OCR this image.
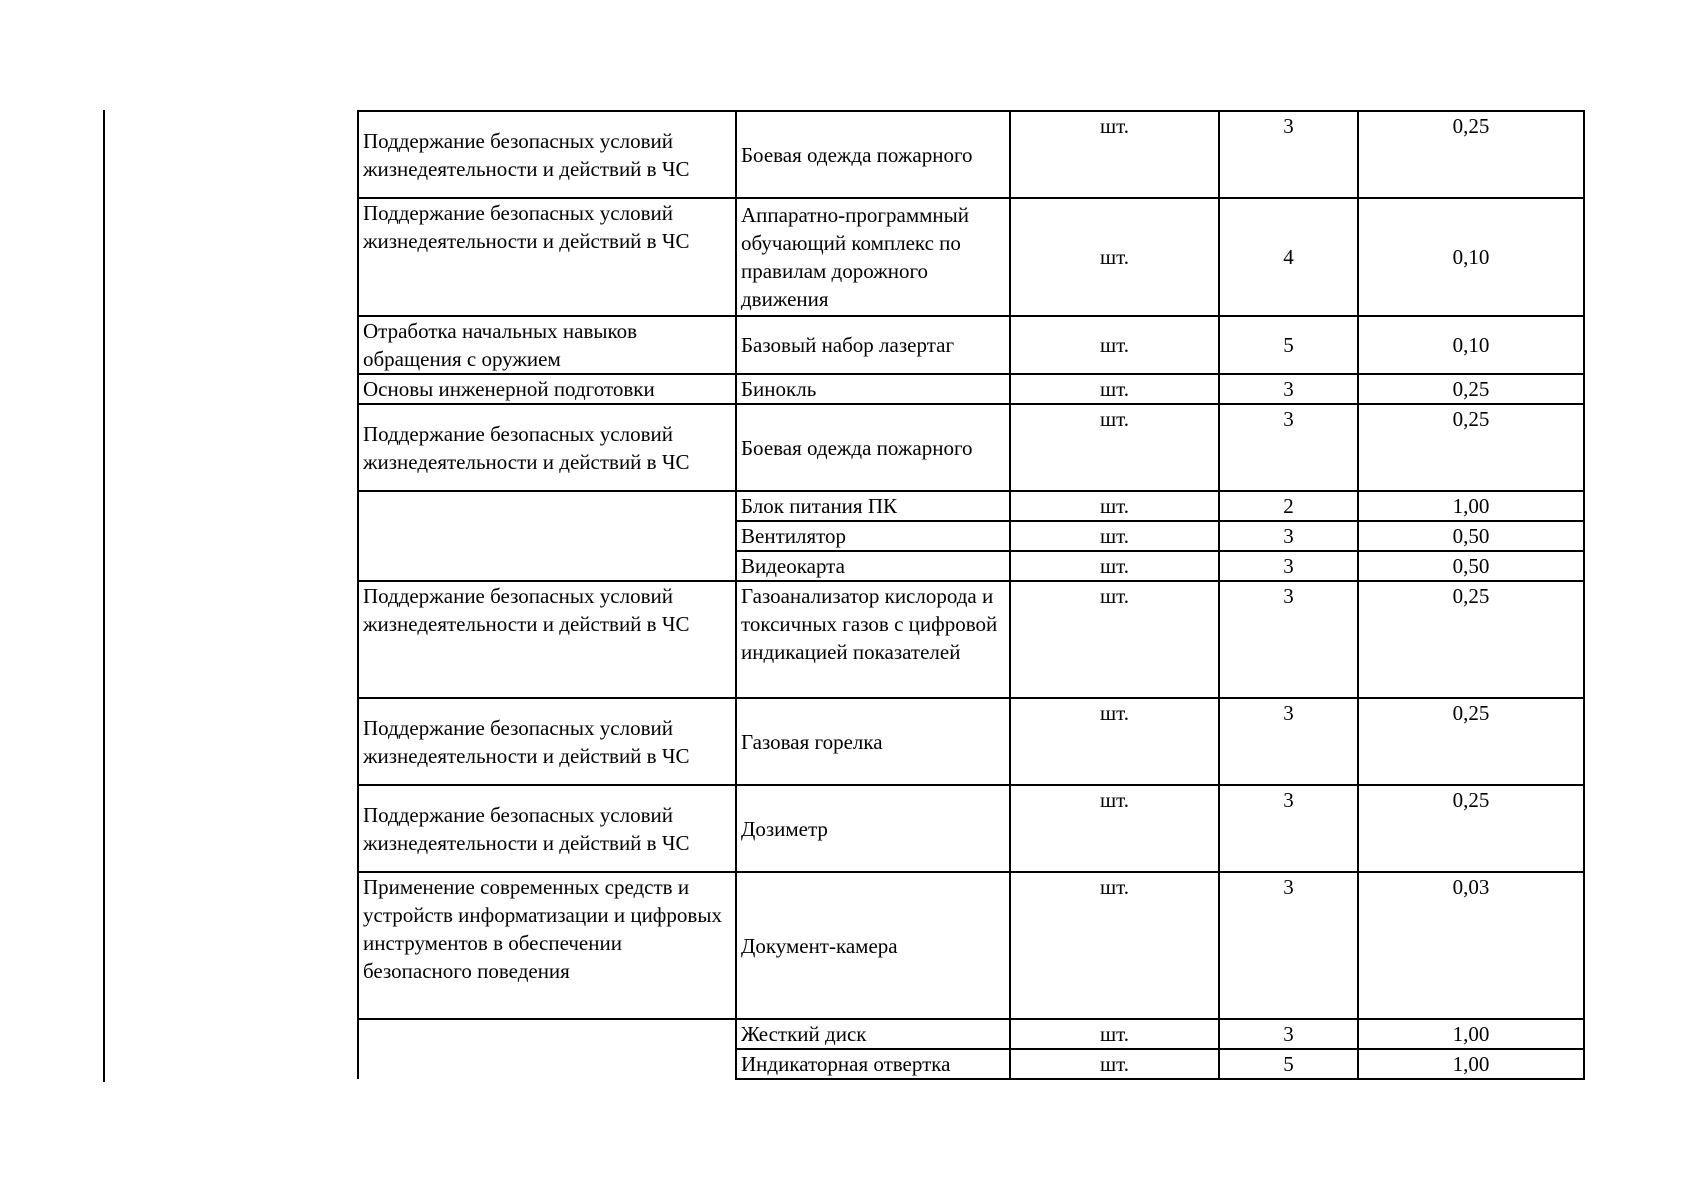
Поддержание безопасных условий жизнедеятельности и действий в ЧС	Боевая одежда пожарного	шт.	3	0,25
Поддержание безопасных условий жизнедеятельности и действий в ЧС	Аппаратно-программный обучающий комплекс по правилам дорожного движения	шт.	4	0,10
Отработка начальных навыков обращения с оружием	Базовый набор лазертаг	шт.	5	0,10
Основы инженерной подготовки	Бинокль	шт.	3	0,25
Поддержание безопасных условий жизнедеятельности и действий в ЧС	Боевая одежда пожарного	шт.	3	0,25
	Блок питания ПК	шт.	2	1,00
	Вентилятор	шт.	3	0,50
	Видеокарта	шт.	3	0,50
Поддержание безопасных условий жизнедеятельности и действий в ЧС	Газоанализатор кислорода и токсичных газов с цифровой индикацией показателей	шт.	3	0,25
Поддержание безопасных условий жизнедеятельности и действий в ЧС	Газовая горелка	шт.	3	0,25
Поддержание безопасных условий жизнедеятельности и действий в ЧС	Дозиметр	шт.	3	0,25
Применение современных средств и устройств информатизации и цифровых инструментов в обеспечении безопасного поведения	Документ-камера	шт.	3	0,03
	Жесткий диск	шт.	3	1,00
	Индикаторная отвертка	шт.	5	1,00
